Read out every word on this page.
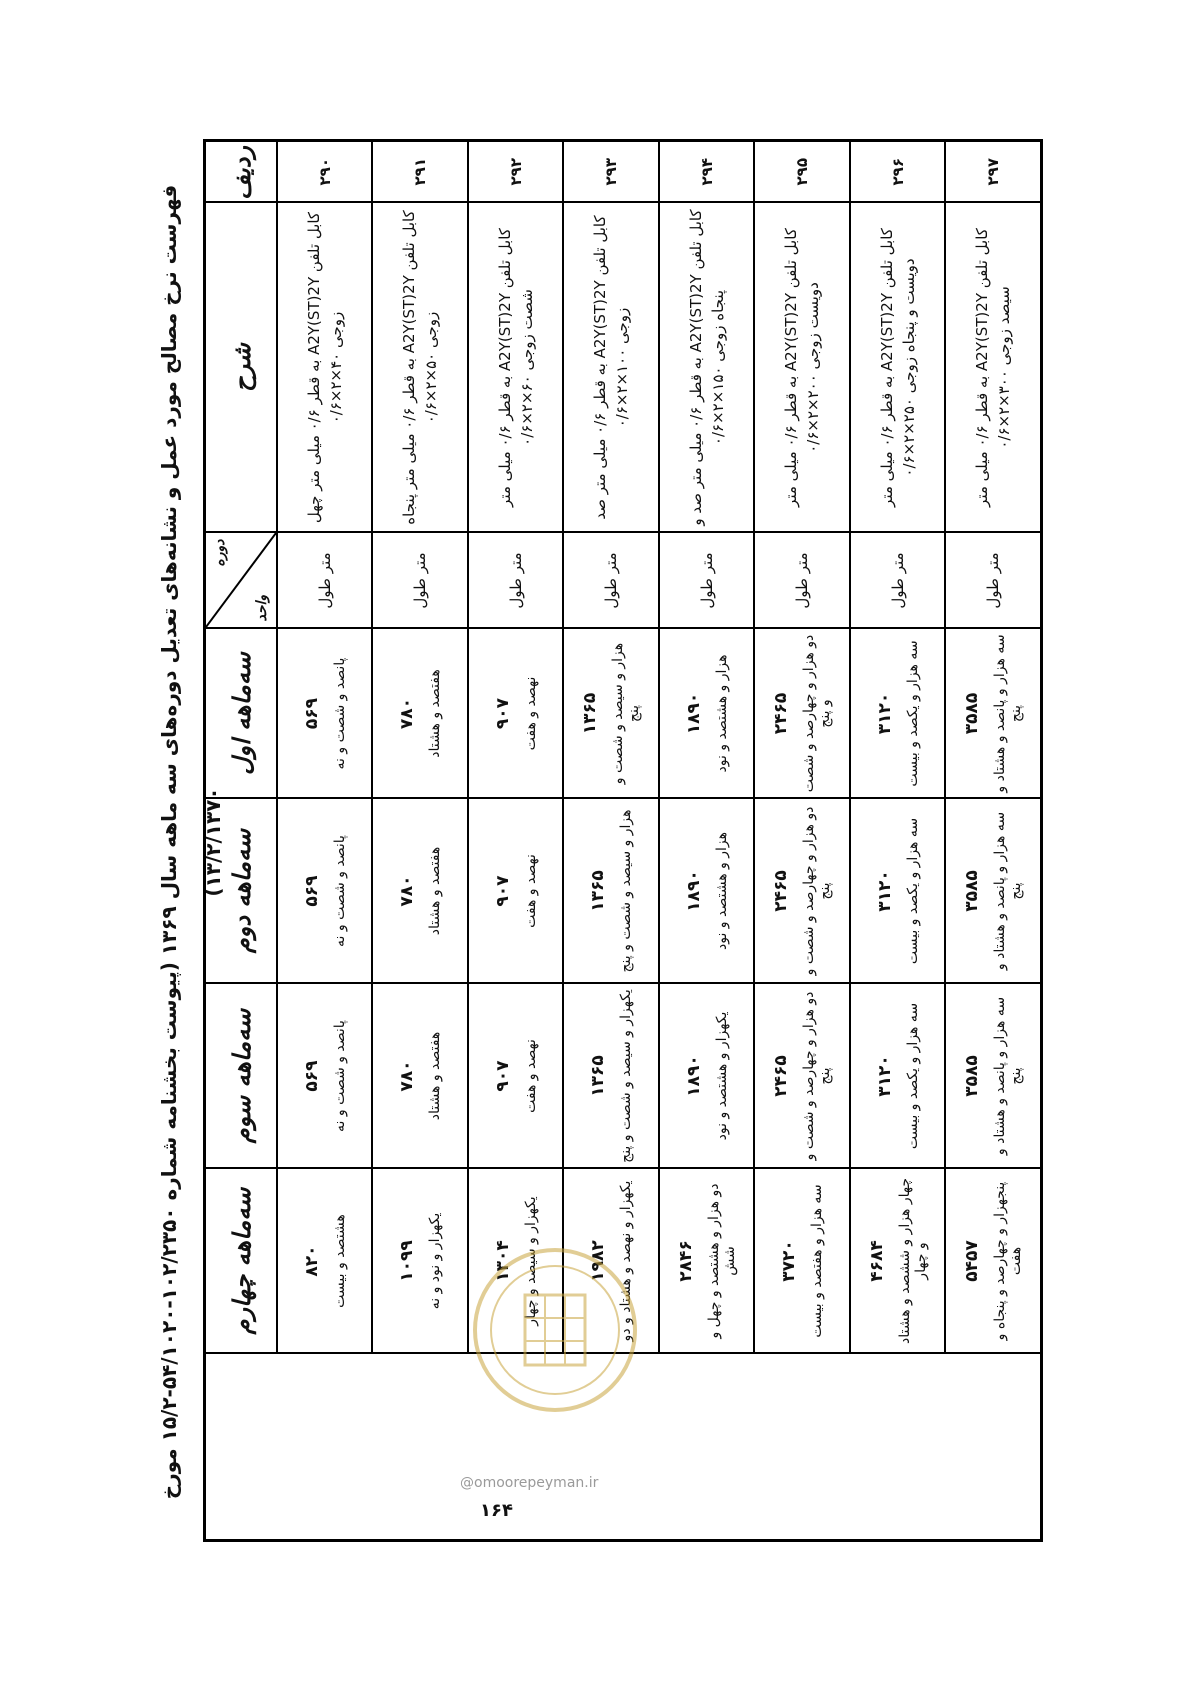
فهرست نرخ مصالح مورد عمل و نشانه‌های تعدیل دوره‌های سه ماهه سال ۱۳۶۹ (پیوست بخشنامه شماره ۱۰۲/۲۳۵۰-۵۴/۱۰۲۰-۱۵/۲ مورخ ۱۳/۲/۱۳۷۰)
ردیف	شرح	دوره
واحد	سه‌ماهه اول	سه‌ماهه دوم	سه‌ماهه سوم	سه‌ماهه چهارم
۲۹۰	کابل تلفن A2Y(ST)2Y به قطر ۰/۶ میلی متر چهل زوجی ۴۰×۲×۰/۶	متر طول	۵۶۹ پانصد و شصت و نه	۵۶۹ پانصد و شصت و نه	۵۶۹ پانصد و شصت و نه	۸۲۰ هشتصد و بیست

۲۹۱	کابل تلفن A2Y(ST)2Y به قطر ۰/۶ میلی متر پنجاه زوجی ۵۰×۲×۰/۶	متر طول	۷۸۰ هفتصد و هشتاد	۷۸۰ هفتصد و هشتاد	۷۸۰ هفتصد و هشتاد	۱۰۹۹ یکهزار و نود و نه

۲۹۲	کابل تلفن A2Y(ST)2Y به قطر ۰/۶ میلی متر شصت زوجی ۶۰×۲×۰/۶	متر طول	۹۰۷ نهصد و هفت	۹۰۷ نهصد و هفت	۹۰۷ نهصد و هفت	۱۳۰۴ یکهزار و سیصد و چهار

۲۹۳	کابل تلفن A2Y(ST)2Y به قطر ۰/۶ میلی متر صد زوجی ۱۰۰×۲×۰/۶	متر طول	۱۳۶۵ هزار و سیصد و شصت و پنج	۱۳۶۵ هزار و سیصد و شصت و پنج	۱۳۶۵ یکهزار و سیصد و شصت و پنج	۱۹۸۲ یکهزار و نهصد و هشتاد و دو

۲۹۴	کابل تلفن A2Y(ST)2Y به قطر ۰/۶ میلی متر صد و پنجاه زوجی ۱۵۰×۲×۰/۶	متر طول	۱۸۹۰ هزار و هشتصد و نود	۱۸۹۰ هزار و هشتصد و نود	۱۸۹۰ یکهزار و هشتصد و نود	۲۸۴۶ دو هزار و هشتصد و چهل و شش

۲۹۵	کابل تلفن A2Y(ST)2Y به قطر ۰/۶ میلی متر دویست زوجی ۲۰۰×۲×۰/۶	متر طول	۲۴۶۵ دو هزار و چهارصد و شصت و پنج	۲۴۶۵ دو هزار و چهارصد و شصت و پنج	۲۴۶۵ دو هزار و چهارصد و شصت و پنج	۳۷۲۰ سه هزار و هفتصد و بیست

۲۹۶	کابل تلفن A2Y(ST)2Y به قطر ۰/۶ میلی متر دویست و پنجاه زوجی ۲۵۰×۲×۰/۶	متر طول	۳۱۲۰ سه هزار و یکصد و بیست	۳۱۲۰ سه هزار و یکصد و بیست	۳۱۲۰ سه هزار و یکصد و بیست	۴۶۸۴ چهار هزار و ششصد و هشتاد و چهار

۲۹۷	کابل تلفن A2Y(ST)2Y به قطر ۰/۶ میلی متر سیصد زوجی ۳۰۰×۲×۰/۶	متر طول	۳۵۸۵ سه هزار و پانصد و هشتاد و پنج	۳۵۸۵ سه هزار و پانصد و هشتاد و پنج	۳۵۸۵ سه هزار و پانصد و هشتاد و پنج	۵۴۵۷ پنجهزار و چهارصد و پنجاه و هفت
@omoorepeyman.ir
۱۶۴
